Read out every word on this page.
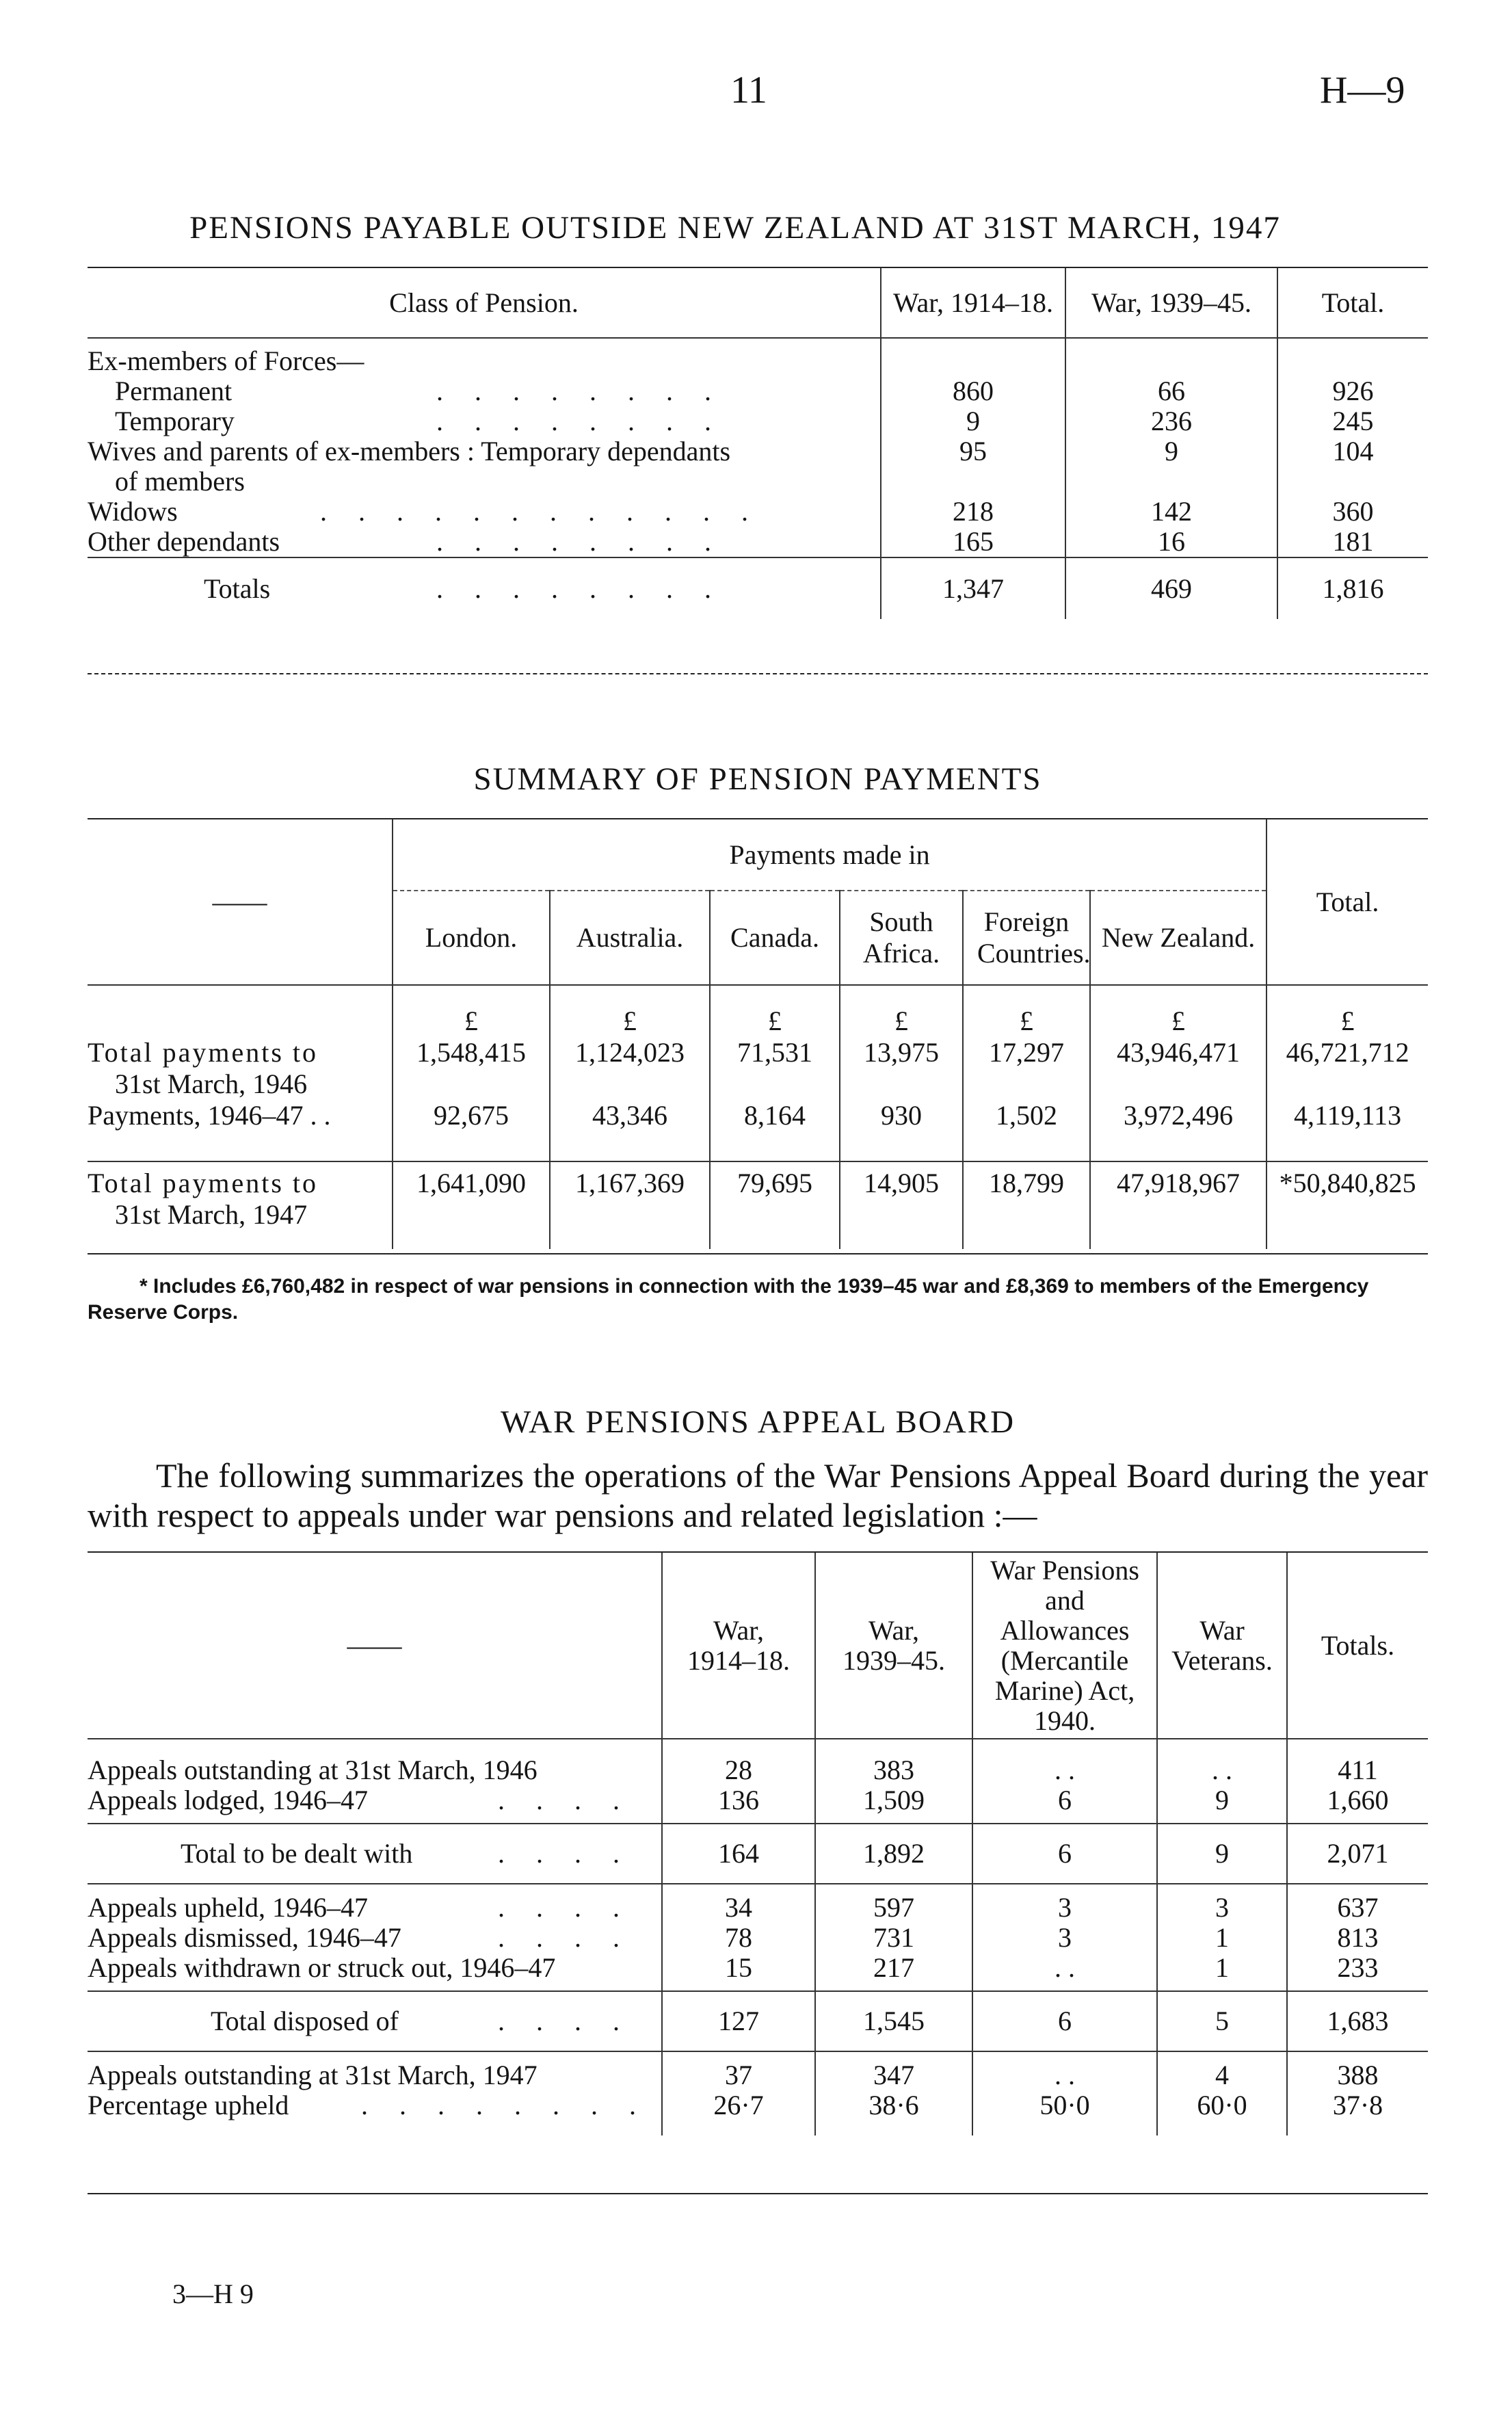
11	H—9
PENSIONS PAYABLE OUTSIDE NEW ZEALAND AT 31ST MARCH, 1947
Class of Pension.	War, 1914–18.	War, 1939–45.	Total.
Ex-members of Forces—			
Permanent . . . . . . . .	860	66	926
Temporary . . . . . . . .	9	236	245
Wives and parents of ex-members : Temporary dependants
of members	95	9	104
Widows . . . . . . . . . . . .	218	142	360
Other dependants . . . . . . . .	165	16	181
Totals . . . . . . . .	1,347	469	1,816
SUMMARY OF PENSION PAYMENTS
——	Payments made in						Total.
	London.	Australia.	Canada.	South Africa.	Foreign Countries.	New Zealand.	
	£	£	£	£	£	£	£
Total payments to
31st March, 1946	1,548,415	1,124,023	71,531	13,975	17,297	43,946,471	46,721,712
Payments, 1946–47 . .	92,675	43,346	8,164	930	1,502	3,972,496	4,119,113
Total payments to
31st March, 1947	1,641,090	1,167,369	79,695	14,905	18,799	47,918,967	*50,840,825
* Includes £6,760,482 in respect of war pensions in connection with the 1939–45 war and £8,369 to members of the Emergency Reserve Corps.
WAR PENSIONS APPEAL BOARD
The following summarizes the operations of the War Pensions Appeal Board during the year with respect to appeals under war pensions and related legislation :—
——	War, 1914–18.	War, 1939–45.	War Pensions and Allowances (Mercantile Marine) Act, 1940.	War Veterans.	Totals.

Appeals outstanding at 31st March, 1946	28	383	. .	. .	411
Appeals lodged, 1946–47 . . . .	136	1,509	6	9	1,660
Total to be dealt with . . . .	164	1,892	6	9	2,071
Appeals upheld, 1946–47 . . . .	34	597	3	3	637
Appeals dismissed, 1946–47 . . . .	78	731	3	1	813
Appeals withdrawn or struck out, 1946–47	15	217	. .	1	233
Total disposed of . . . .	127	1,545	6	5	1,683
Appeals outstanding at 31st March, 1947	37	347	. .	4	388
Percentage upheld . . . . . . . .	26·7	38·6	50·0	60·0	37·8
3—H 9
